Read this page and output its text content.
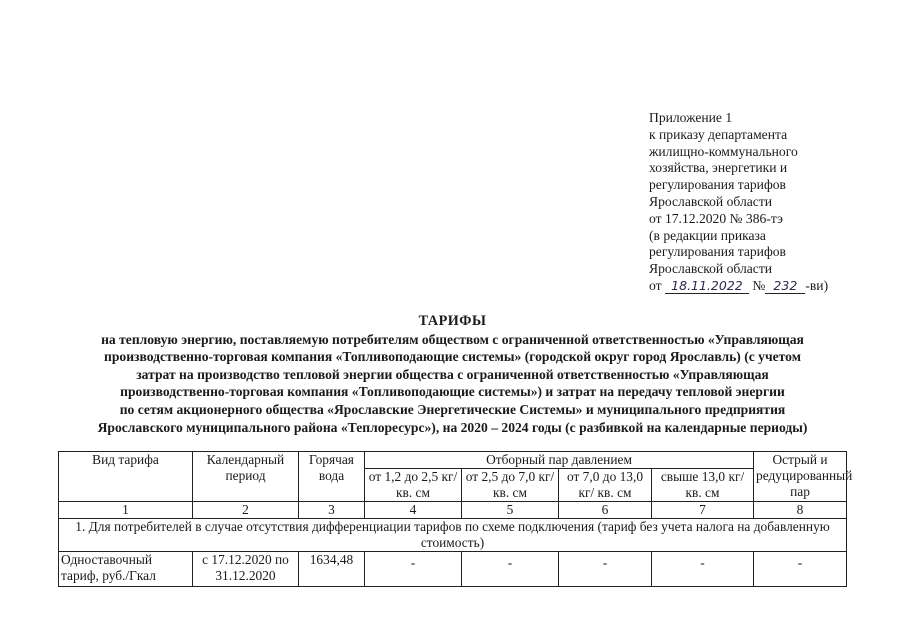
Приложение 1
к приказу департамента
жилищно-коммунального
хозяйства, энергетики и
регулирования тарифов
Ярославской области
от 17.12.2020 № 386-тэ
(в редакции приказа
регулирования тарифов
Ярославской области
от 18.11.2022 № 232 -ви)
ТАРИФЫ
на тепловую энергию, поставляемую потребителям обществом с ограниченной ответственностью «Управляющая
производственно-торговая компания «Топливоподающие системы» (городской округ город Ярославль) (с учетом
затрат на производство тепловой энергии общества с ограниченной ответственностью «Управляющая
производственно-торговая компания «Топливоподающие системы») и затрат на передачу тепловой энергии
по сетям акционерного общества «Ярославские Энергетические Системы» и муниципального предприятия
Ярославского муниципального района «Теплоресурс»), на 2020 – 2024 годы (с разбивкой на календарные периоды)
Вид тарифа	Календарный период	Горячая вода	Отборный пар давлением				Острый и редуцированный пар
			от 1,2 до 2,5 кг/ кв. см	от 2,5 до 7,0 кг/ кв. см	от 7,0 до 13,0 кг/ кв. см	свыше 13,0 кг/ кв. см	
1	2	3	4	5	6	7	8
1. Для потребителей в случае отсутствия дифференциации тарифов по схеме подключения (тариф без учета налога на добавленную стоимость)							
Одноставочный тариф, руб./Гкал	с 17.12.2020 по 31.12.2020	1634,48	-	-	-	-	-
